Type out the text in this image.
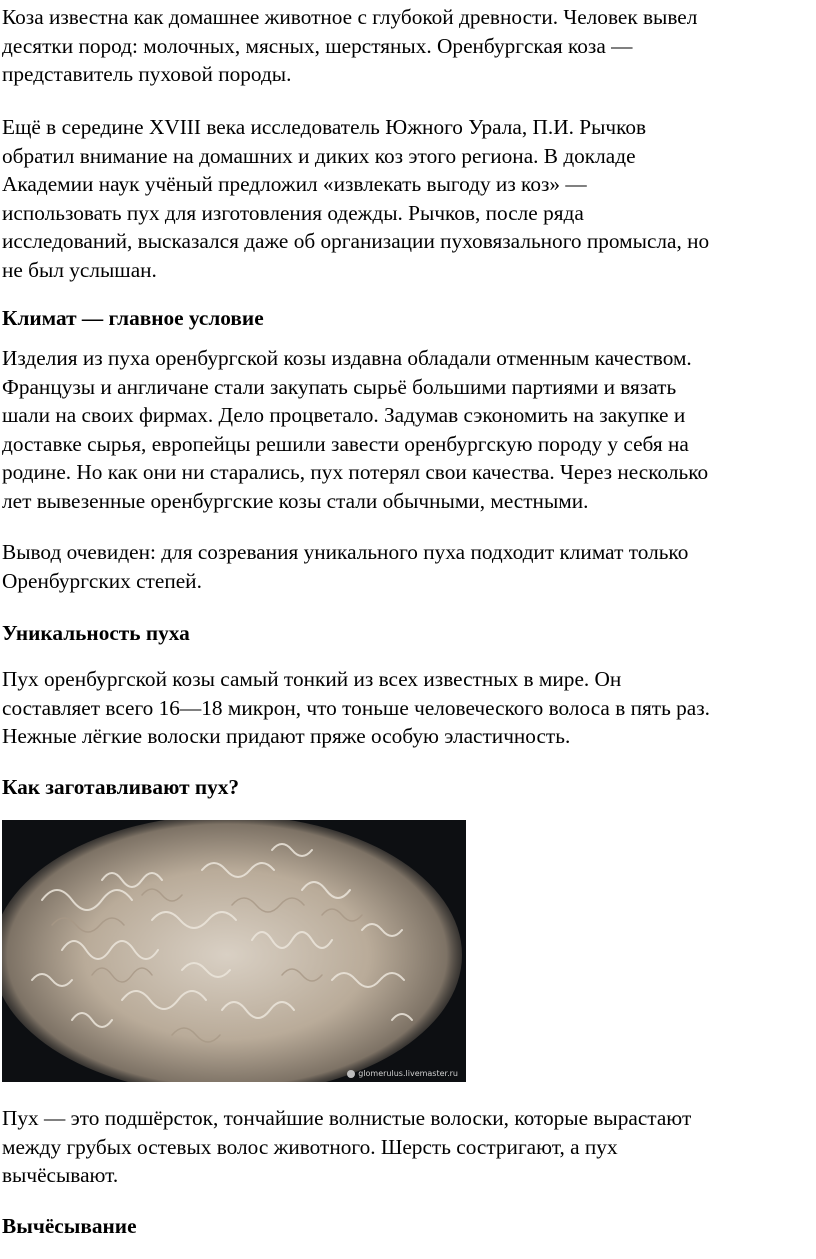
Коза известна как домашнее животное с глубокой древности. Человек вывел
десятки пород: молочных, мясных, шерстяных. Оренбургская коза —
представитель пуховой породы.

Ещё в середине XVIII века исследователь Южного Урала, П.И. Рычков
обратил внимание на домашних и диких коз этого региона. В докладе
Академии наук учёный предложил «извлекать выгоду из коз» —
использовать пух для изготовления одежды. Рычков, после ряда
исследований, высказался даже об организации пуховязального промысла, но
не был услышан.

Климат — главное условие

Изделия из пуха оренбургской козы издавна обладали отменным качеством.
Французы и англичане стали закупать сырьё большими партиями и вязать
шали на своих фирмах. Дело процветало. Задумав сэкономить на закупке и
доставке сырья, европейцы решили завести оренбургскую породу у себя на
родине. Но как они ни старались, пух потерял свои качества. Через несколько
лет вывезенные оренбургские козы стали обычными, местными.

Вывод очевиден: для созревания уникального пуха подходит климат только
Оренбургских степей.

Уникальность пуха

Пух оренбургской козы самый тонкий из всех известных в мире. Он
составляет всего 16—18 микрон, что тоньше человеческого волоса в пять раз.
Нежные лёгкие волоски придают пряже особую эластичность.

Как заготавливают пух?
glomerulus.livemaster.ru

Пух — это подшёрсток, тончайшие волнистые волоски, которые вырастают
между грубых остевых волос животного. Шерсть состригают, а пух
вычёсывают.

Вычёсывание
